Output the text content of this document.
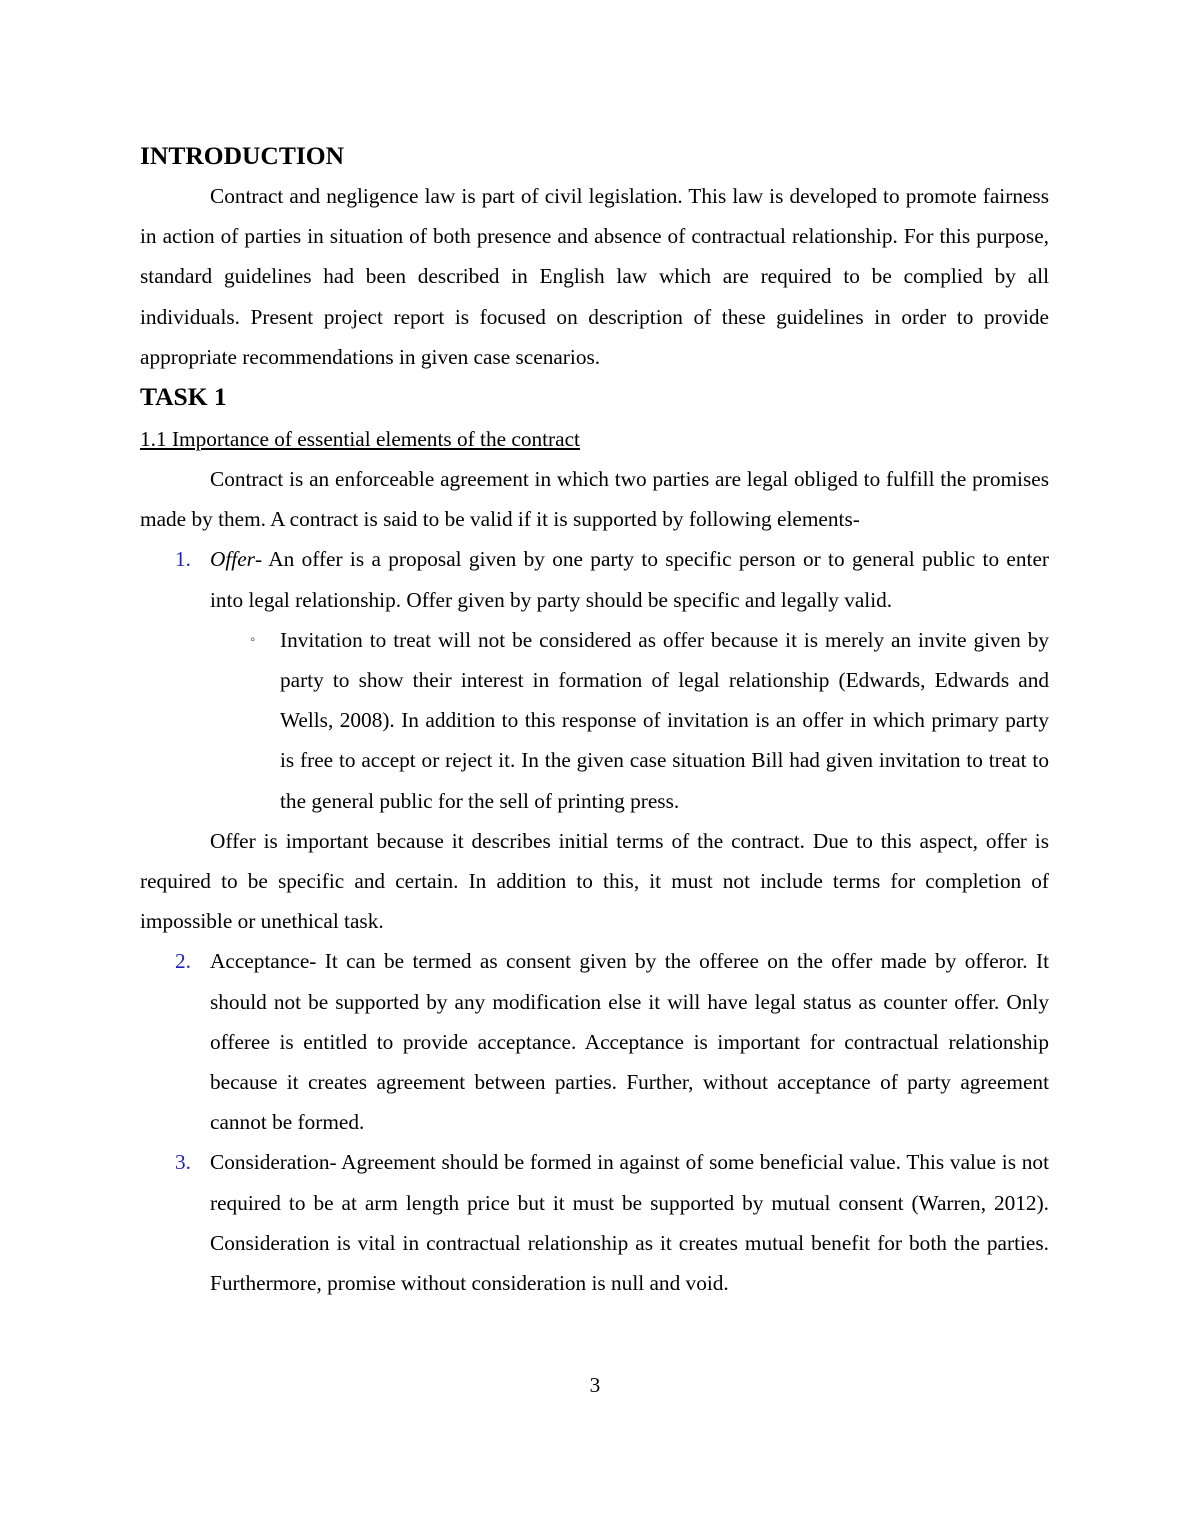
INTRODUCTION

Contract and negligence law is part of civil legislation. This law is developed to promote fairness in action of parties in situation of both presence and absence of contractual relationship. For this purpose, standard guidelines had been described in English law which are required to be complied by all individuals. Present project report is focused on description of these guidelines in order to provide appropriate recommendations in given case scenarios.

TASK 1
1.1 Importance of essential elements of the contract

Contract is an enforceable agreement in which two parties are legal obliged to fulfill the promises made by them. A contract is said to be valid if it is supported by following elements-

1. Offer- An offer is a proposal given by one party to specific person or to general public to enter into legal relationship. Offer given by party should be specific and legally valid.
◦ Invitation to treat will not be considered as offer because it is merely an invite given by party to show their interest in formation of legal relationship (Edwards, Edwards and Wells, 2008). In addition to this response of invitation is an offer in which primary party is free to accept or reject it. In the given case situation Bill had given invitation to treat to the general public for the sell of printing press.

Offer is important because it describes initial terms of the contract. Due to this aspect, offer is required to be specific and certain. In addition to this, it must not include terms for completion of impossible or unethical task.

2. Acceptance- It can be termed as consent given by the offeree on the offer made by offeror. It should not be supported by any modification else it will have legal status as counter offer. Only offeree is entitled to provide acceptance. Acceptance is important for contractual relationship because it creates agreement between parties. Further, without acceptance of party agreement cannot be formed.
3. Consideration- Agreement should be formed in against of some beneficial value. This value is not required to be at arm length price but it must be supported by mutual consent (Warren, 2012). Consideration is vital in contractual relationship as it creates mutual benefit for both the parties. Furthermore, promise without consideration is null and void.
3
